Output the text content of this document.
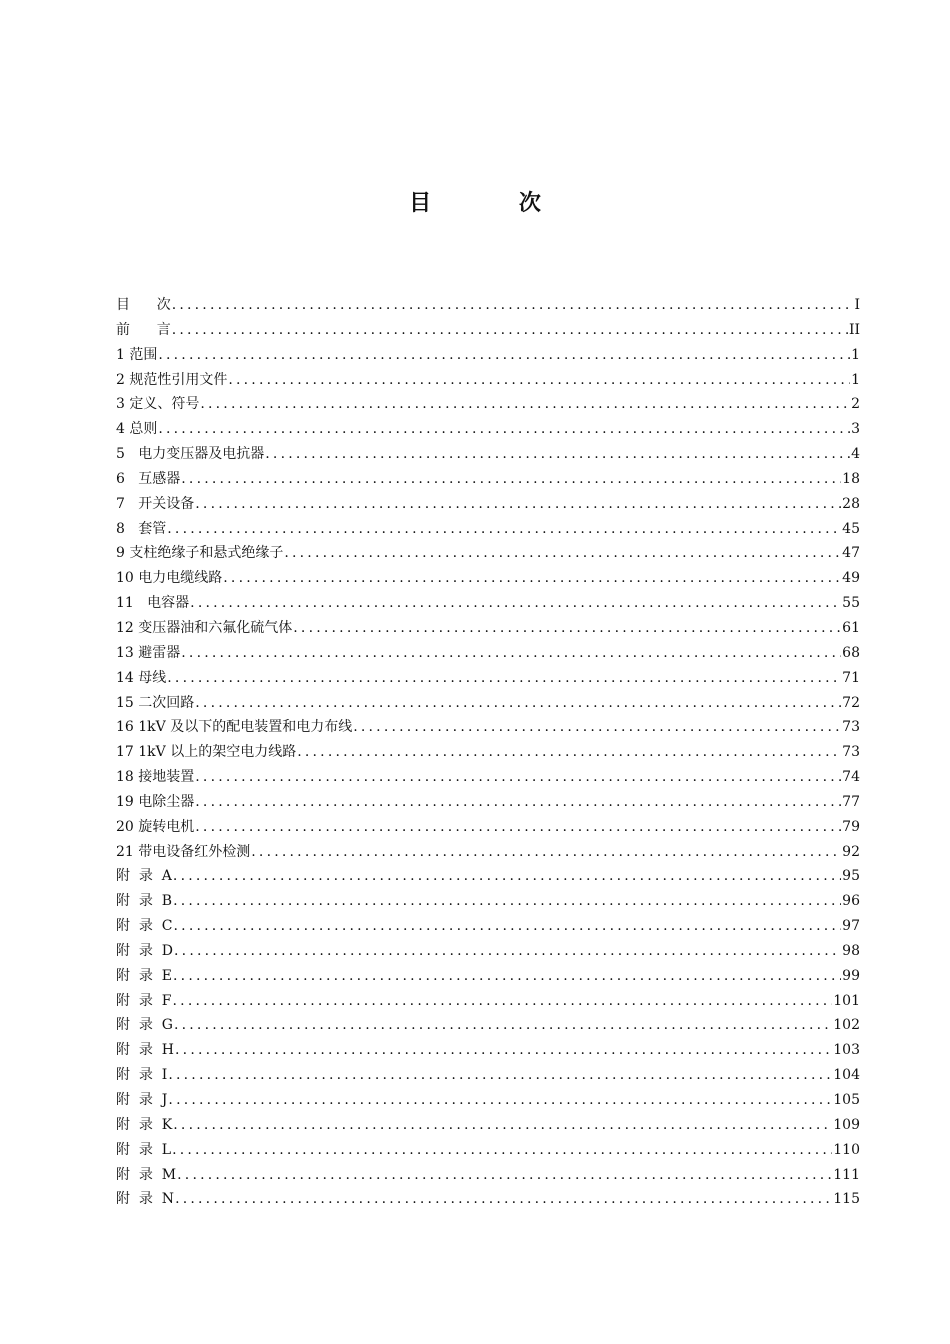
目 次
目      次 .....	I
前      言 .....	II
1 范围 .....	1
2 规范性引用文件 .....	1
3 定义、符号 .....	2
4 总则 .....	3
5   电力变压器及电抗器 .....	4
6   互感器 .....	18
7   开关设备 .....	28
8   套管 .....	45
9 支柱绝缘子和悬式绝缘子 .....	47
10 电力电缆线路 .....	49
11   电容器 .....	55
12 变压器油和六氟化硫气体 .....	61
13 避雷器 .....	68
14 母线 .....	71
15 二次回路 .....	72
16 1kV 及以下的配电装置和电力布线 .....	73
17 1kV 以上的架空电力线路 .....	73
18 接地装置 .....	74
19 电除尘器 .....	77
20 旋转电机 .....	79
21 带电设备红外检测 .....	92
附  录  A .....	95
附  录  B .....	96
附  录  C .....	97
附  录  D .....	98
附  录  E .....	99
附  录  F .....	101
附  录  G .....	102
附  录  H .....	103
附  录  I .....	104
附  录  J .....	105
附  录  K .....	109
附  录  L .....	110
附  录  M .....	111
附  录  N .....	115
